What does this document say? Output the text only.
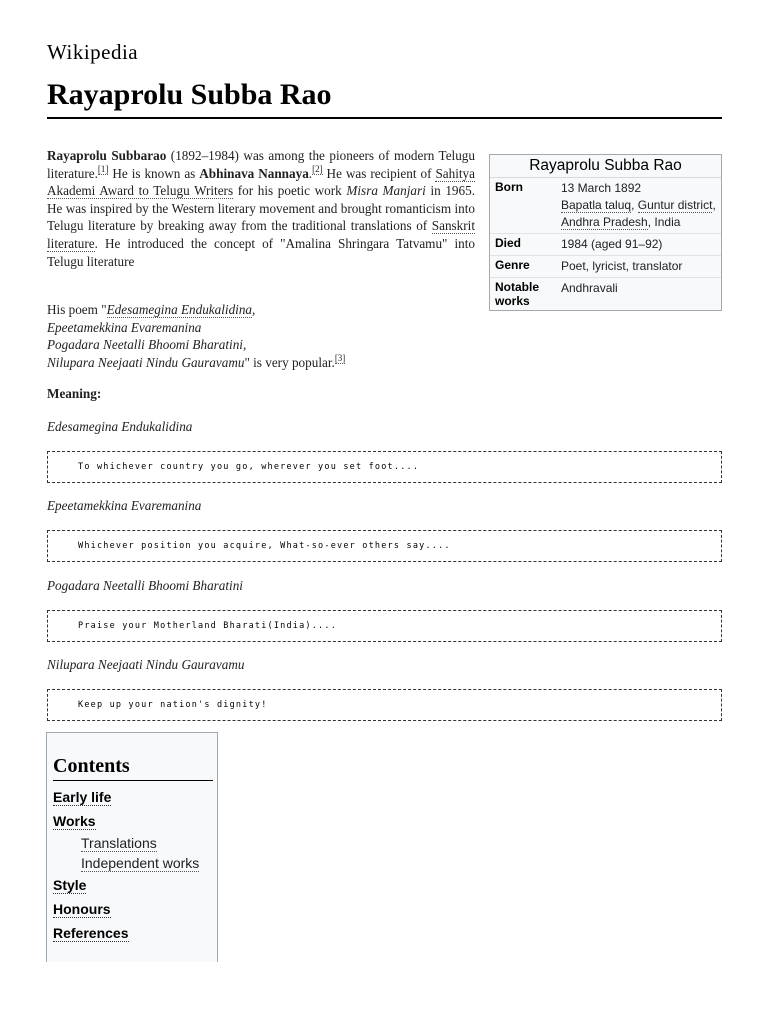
Wikipedia
Rayaprolu Subba Rao

Rayaprolu Subbarao (1892–1984) was among the pioneers of modern Telugu literature.[1] He is known as Abhinava Nannaya.[2] He was recipient of Sahitya Akademi Award to Telugu Writers for his poetic work Misra Manjari in 1965. He was inspired by the Western literary movement and brought romanticism into Telugu literature by breaking away from the traditional translations of Sanskrit literature. He introduced the concept of "Amalina Shringara Tatvamu" into Telugu literature

His poem "Edesamegina Endukalidina,
Epeetamekkina Evaremanina
Pogadara Neetalli Bhoomi Bharatini,
Nilupara Neejaati Nindu Gauravamu" is very popular.[3]

Meaning:
Edesamegina Endukalidina
To whichever country you go, wherever you set foot....
Epeetamekkina Evaremanina
Whichever position you acquire, What-so-ever others say....
Pogadara Neetalli Bhoomi Bharatini
Praise your Motherland Bharati(India)....
Nilupara Neejaati Nindu Gauravamu
Keep up your nation's dignity!
Rayaprolu Subba Rao
Born	13 March 1892
Bapatla taluq, Guntur district, Andhra Pradesh, India
Died	1984 (aged 91–92)
Genre	Poet, lyricist, translator
Notable works	Andhravali
Contents
Early life
Works
Translations
Independent works
Style
Honours
References
